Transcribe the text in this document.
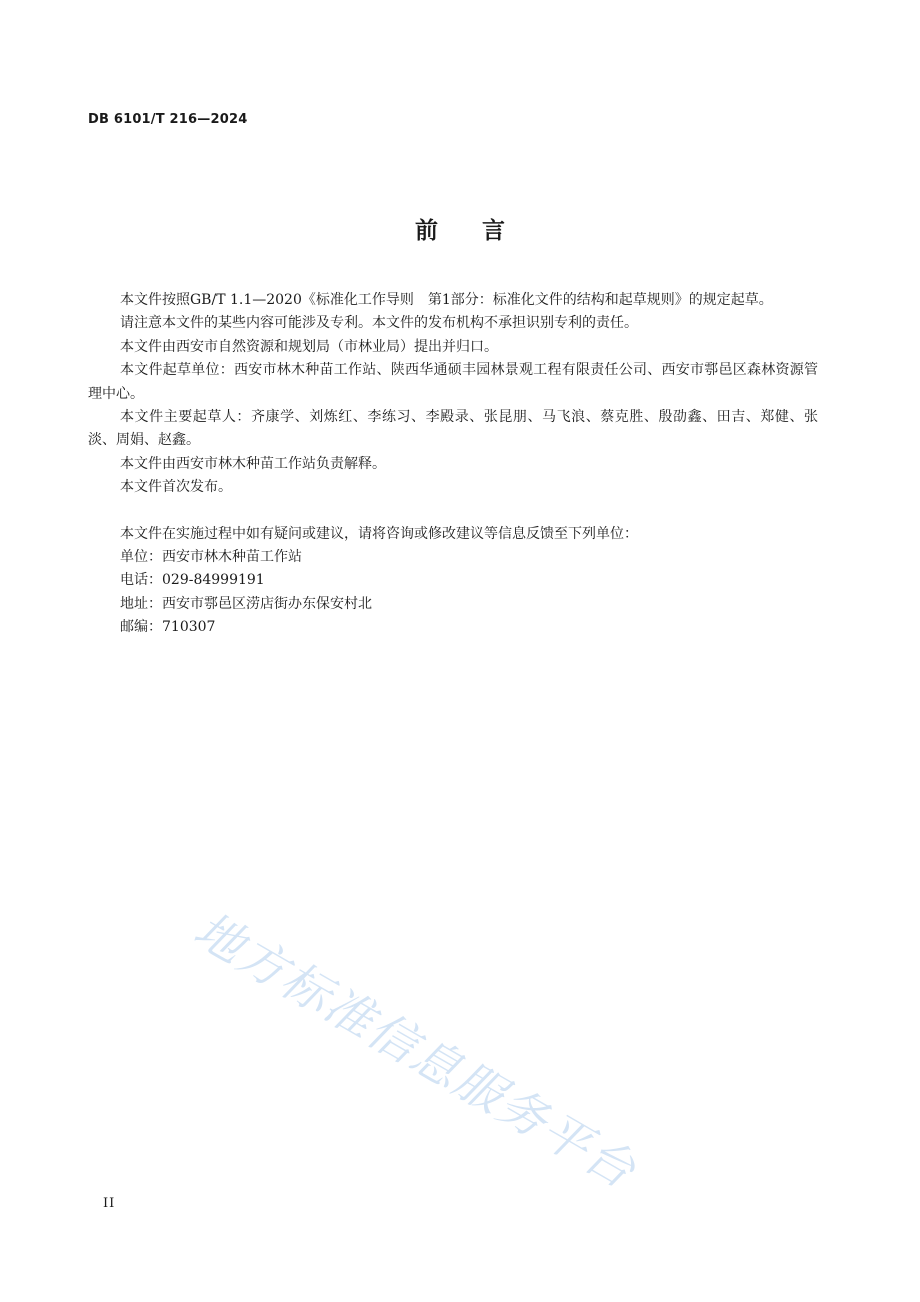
DB 6101/T 216—2024
前言

本文件按照GB/T 1.1—2020《标准化工作导则　第1部分：标准化文件的结构和起草规则》的规定起草。

请注意本文件的某些内容可能涉及专利。本文件的发布机构不承担识别专利的责任。

本文件由西安市自然资源和规划局（市林业局）提出并归口。

本文件起草单位：西安市林木种苗工作站、陕西华通硕丰园林景观工程有限责任公司、西安市鄠邑区森林资源管理中心。

本文件主要起草人：齐康学、刘炼红、李练习、李殿录、张昆朋、马飞浪、蔡克胜、殷劭鑫、田吉、郑健、张淡、周娟、赵鑫。

本文件由西安市林木种苗工作站负责解释。

本文件首次发布。

本文件在实施过程中如有疑问或建议，请将咨询或修改建议等信息反馈至下列单位：

单位：西安市林木种苗工作站

电话：029-84999191

地址：西安市鄠邑区涝店街办东保安村北

邮编：710307

地方标准信息服务平台
II
